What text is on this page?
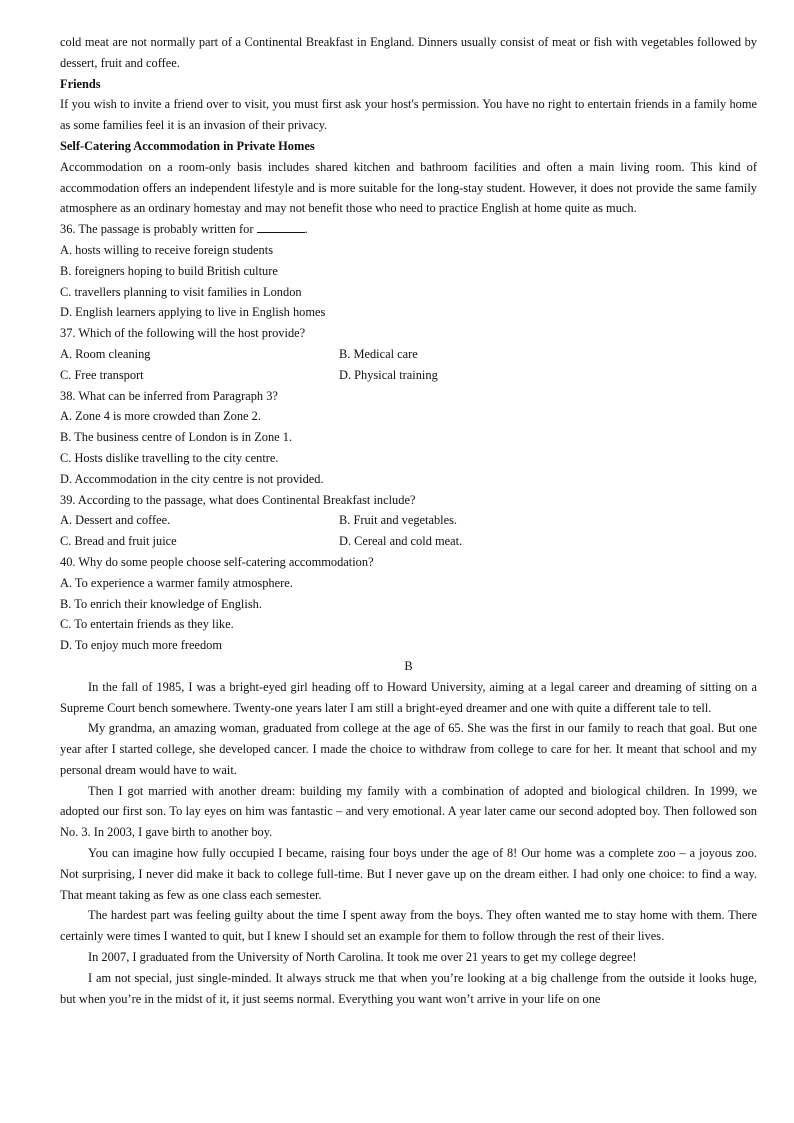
cold meat are not normally part of a Continental Breakfast in England. Dinners usually consist of meat or fish with vegetables followed by dessert, fruit and coffee.

Friends

If you wish to invite a friend over to visit, you must first ask your host's permission. You have no right to entertain friends in a family home as some families feel it is an invasion of their privacy.

Self-Catering Accommodation in Private Homes

Accommodation on a room-only basis includes shared kitchen and bathroom facilities and often a main living room. This kind of accommodation offers an independent lifestyle and is more suitable for the long-stay student. However, it does not provide the same family atmosphere as an ordinary homestay and may not benefit those who need to practice English at home quite as much.

36. The passage is probably written for	.

A. hosts willing to receive foreign students

B. foreigners hoping to build British culture

C. travellers planning to visit families in London

D. English learners applying to live in English homes

37. Which of the following will the host provide?

A. Room cleaning	B. Medical care
C. Free transport	D. Physical training

38. What can be inferred from Paragraph 3?

A. Zone 4 is more crowded than Zone 2.

B. The business centre of London is in Zone 1.

C. Hosts dislike travelling to the city centre.

D. Accommodation in the city centre is not provided.

39. According to the passage, what does Continental Breakfast include?

A. Dessert and coffee.	B. Fruit and vegetables.
C. Bread and fruit juice	D. Cereal and cold meat.

40. Why do some people choose self-catering accommodation?

A. To experience a warmer family atmosphere.

B. To enrich their knowledge of English.

C. To entertain friends as they like.

D. To enjoy much more freedom

B

In the fall of 1985, I was a bright-eyed girl heading off to Howard University, aiming at a legal career and dreaming of sitting on a Supreme Court bench somewhere. Twenty-one years later I am still a bright-eyed dreamer and one with quite a different tale to tell.

My grandma, an amazing woman, graduated from college at the age of 65. She was the first in our family to reach that goal. But one year after I started college, she developed cancer. I made the choice to withdraw from college to care for her. It meant that school and my personal dream would have to wait.

Then I got married with another dream: building my family with a combination of adopted and biological children. In 1999, we adopted our first son. To lay eyes on him was fantastic – and very emotional. A year later came our second adopted boy. Then followed son No. 3. In 2003, I gave birth to another boy.

You can imagine how fully occupied I became, raising four boys under the age of 8! Our home was a complete zoo – a joyous zoo. Not surprising, I never did make it back to college full-time. But I never gave up on the dream either. I had only one choice: to find a way. That meant taking as few as one class each semester.

The hardest part was feeling guilty about the time I spent away from the boys. They often wanted me to stay home with them. There certainly were times I wanted to quit, but I knew I should set an example for them to follow through the rest of their lives.

In 2007, I graduated from the University of North Carolina. It took me over 21 years to get my college degree!

I am not special, just single-minded. It always struck me that when you’re looking at a big challenge from the outside it looks huge, but when you’re in the midst of it, it just seems normal. Everything you want won’t arrive in your life on one
